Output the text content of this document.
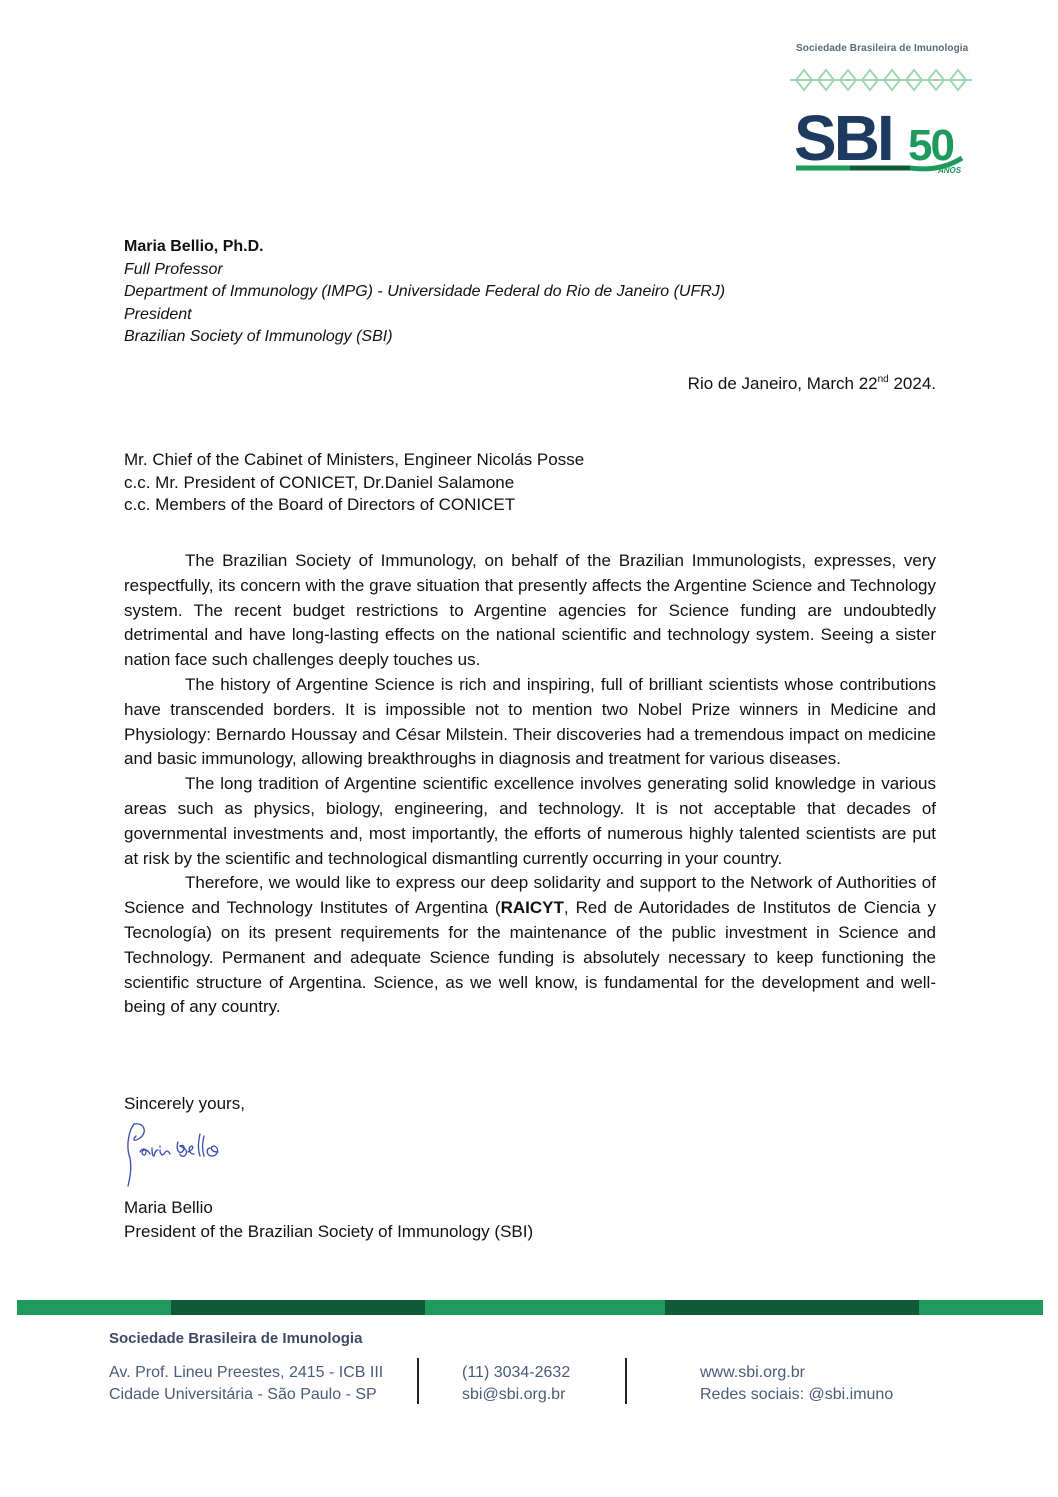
SBI 50
ANOS
Sociedade Brasileira de Imunologia
Maria Bellio, Ph.D.
Full Professor
Department of Immunology (IMPG) - Universidade Federal do Rio de Janeiro (UFRJ)
President
Brazilian Society of Immunology (SBI)
Rio de Janeiro, March 22nd 2024.
Mr. Chief of the Cabinet of Ministers, Engineer Nicolás Posse
c.c. Mr. President of CONICET, Dr.Daniel Salamone
c.c. Members of the Board of Directors of CONICET

The Brazilian Society of Immunology, on behalf of the Brazilian Immunologists, expresses, very respectfully, its concern with the grave situation that presently affects the Argentine Science and Technology system. The recent budget restrictions to Argentine agencies for Science funding are undoubtedly detrimental and have long-lasting effects on the national scientific and technology system. Seeing a sister nation face such challenges deeply touches us.

The history of Argentine Science is rich and inspiring, full of brilliant scientists whose contributions have transcended borders. It is impossible not to mention two Nobel Prize winners in Medicine and Physiology: Bernardo Houssay and César Milstein. Their discoveries had a tremendous impact on medicine and basic immunology, allowing breakthroughs in diagnosis and treatment for various diseases.

The long tradition of Argentine scientific excellence involves generating solid knowledge in various areas such as physics, biology, engineering, and technology. It is not acceptable that decades of governmental investments and, most importantly, the efforts of numerous highly talented scientists are put at risk by the scientific and technological dismantling currently occurring in your country.

Therefore, we would like to express our deep solidarity and support to the Network of Authorities of Science and Technology Institutes of Argentina (RAICYT, Red de Autoridades de Institutos de Ciencia y Tecnología) on its present requirements for the maintenance of the public investment in Science and Technology. Permanent and adequate Science funding is absolutely necessary to keep functioning the scientific structure of Argentina. Science, as we well know, is fundamental for the development and well-being of any country.

Sincerely yours,
Maria Bellio
President of the Brazilian Society of Immunology (SBI)
Sociedade Brasileira de Imunologia
Av. Prof. Lineu Preestes, 2415 - ICB III
Cidade Universitária - São Paulo - SP
(11) 3034-2632
sbi@sbi.org.br
www.sbi.org.br
Redes sociais: @sbi.imuno
